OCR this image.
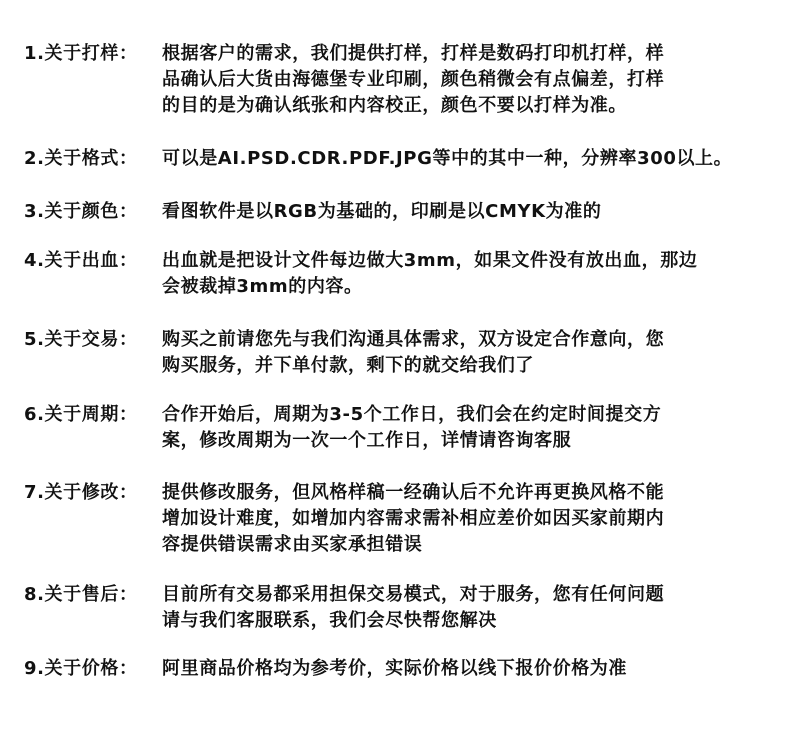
1.关于打样：	根据客户的需求，我们提供打样，打样是数码打印机打样，样
品确认后大货由海德堡专业印刷，颜色稍微会有点偏差，打样
的目的是为确认纸张和内容校正，颜色不要以打样为准。
2.关于格式：	可以是AI.PSD.CDR.PDF.JPG等中的其中一种，分辨率300以上。
3.关于颜色：	看图软件是以RGB为基础的，印刷是以CMYK为准的
4.关于出血：	出血就是把设计文件每边做大3mm，如果文件没有放出血，那边
会被裁掉3mm的内容。
5.关于交易：	购买之前请您先与我们沟通具体需求，双方设定合作意向，您
购买服务，并下单付款，剩下的就交给我们了
6.关于周期：	合作开始后，周期为3-5个工作日，我们会在约定时间提交方
案，修改周期为一次一个工作日，详情请咨询客服
7.关于修改：	提供修改服务，但风格样稿一经确认后不允许再更换风格不能
增加设计难度，如增加内容需求需补相应差价如因买家前期内
容提供错误需求由买家承担错误
8.关于售后：	目前所有交易都采用担保交易模式，对于服务，您有任何问题
请与我们客服联系，我们会尽快帮您解决
9.关于价格：	阿里商品价格均为参考价，实际价格以线下报价价格为准
